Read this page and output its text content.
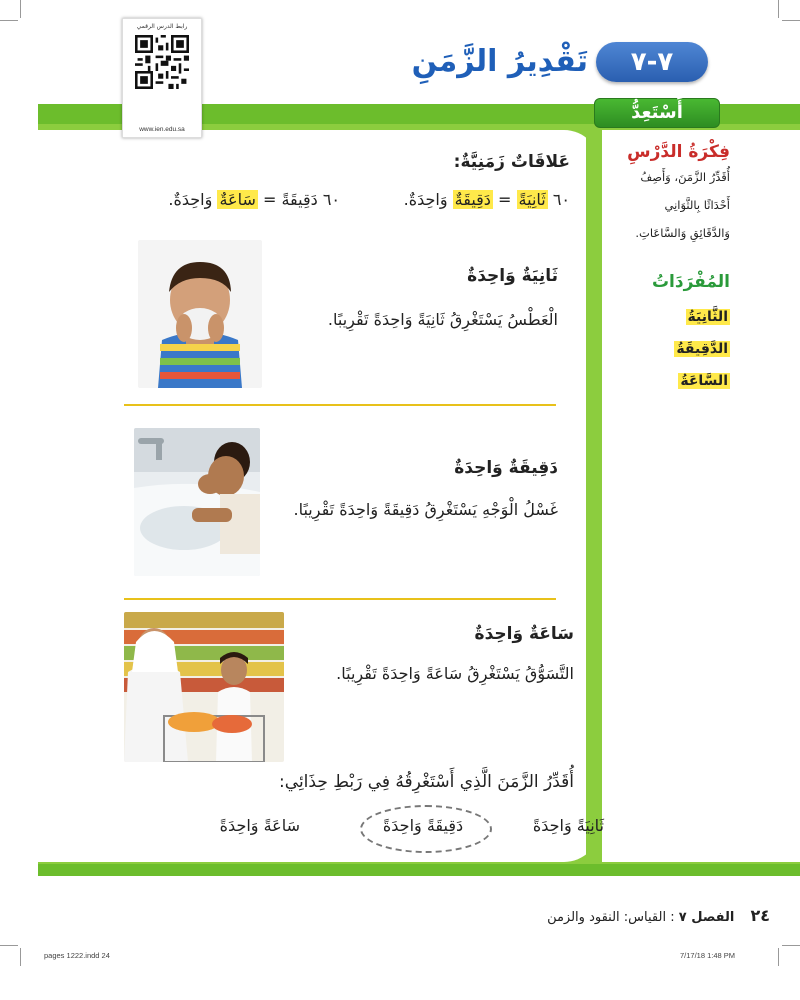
رابط الدرس الرقمي
www.ien.edu.sa
٧-٧
تَقْدِيرُ الزَّمَنِ
أَسْتَعِدُّ
فِكْرَةُ الدَّرْسِ
أُقَدِّرُ الزَّمَنَ، وَأَصِفُ
أَحْدَاثًا بِالثَّوَانِي
وَالدَّقَائِقِ وَالسَّاعَاتِ.
المُفْرَدَاتُ
الثَّانِيَةُ
الدَّقِيقَةُ
السَّاعَةُ
عَلاقَاتٌ زَمَنِيَّةٌ:
٦٠ ثَانِيَةً = دَقِيقَةٌ وَاحِدَةٌ.
٦٠ دَقِيقَةً = سَاعَةٌ وَاحِدَةٌ.
ثَانِيَةٌ وَاحِدَةٌ
الْعَطْسُ يَسْتَغْرِقُ ثَانِيَةً وَاحِدَةً تَقْرِيبًا.
دَقِيقَةٌ وَاحِدَةٌ
غَسْلُ الْوَجْهِ يَسْتَغْرِقُ دَقِيقَةً وَاحِدَةً تَقْرِيبًا.
سَاعَةٌ وَاحِدَةٌ
التَّسَوُّقُ يَسْتَغْرِقُ سَاعَةً وَاحِدَةً تَقْرِيبًا.
أُقَدِّرُ الزَّمَنَ الَّذِي أَسْتَغْرِقُهُ فِي رَبْطِ حِذَائِي:
ثَانِيَةً وَاحِدَةً
دَقِيقَةً وَاحِدَةً
سَاعَةً وَاحِدَةً
٢٤ الفصل ٧ : القياس: النقود والزمن
pages 1222.indd 24	7/17/18 1:48 PM
